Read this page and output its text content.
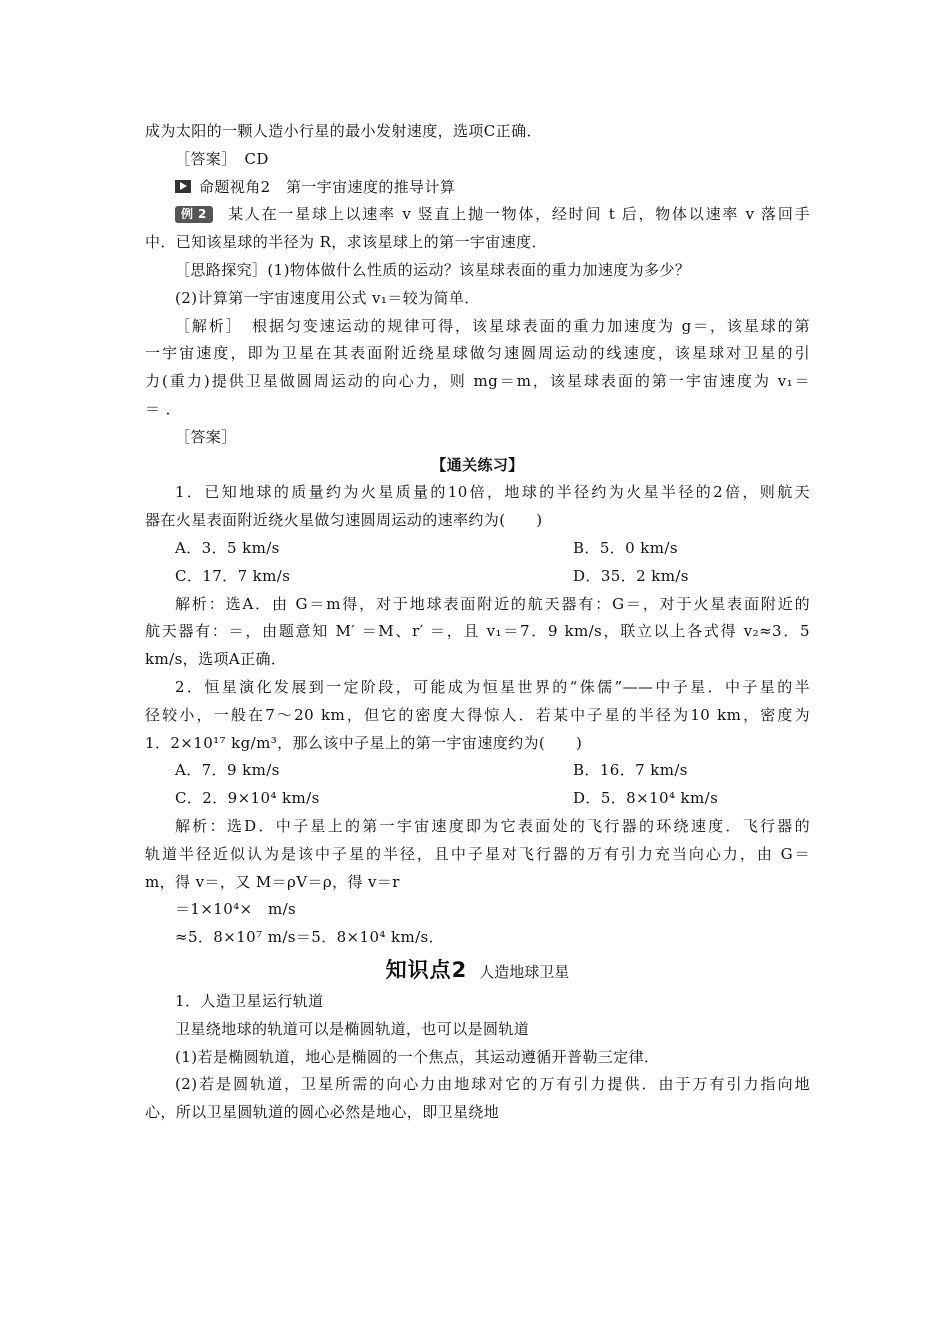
成为太阳的一颗人造小行星的最小发射速度，选项C正确．
［答案］　CD
命题视角2　第一宇宙速度的推导计算
例 2 某人在一星球上以速率 v 竖直上抛一物体，经时间 t 后，物体以速率 v 落回手
中．已知该星球的半径为 R，求该星球上的第一宇宙速度．
［思路探究］(1)物体做什么性质的运动？该星球表面的重力加速度为多少？
(2)计算第一宇宙速度用公式 v₁＝较为简单．
［解析］　根据匀变速运动的规律可得，该星球表面的重力加速度为 g＝，该星球的第
一宇宙速度，即为卫星在其表面附近绕星球做匀速圆周运动的线速度，该星球对卫星的引
力(重力)提供卫星做圆周运动的向心力，则 mg＝m，该星球表面的第一宇宙速度为 v₁＝
＝ ．
［答案］
【通关练习】
1．已知地球的质量约为火星质量的10倍，地球的半径约为火星半径的2倍，则航天
器在火星表面附近绕火星做匀速圆周运动的速率约为(　　)
A．3．5 km/s	B．5．0 km/s
C．17．7 km/s	D．35．2 km/s
解析：选A．由 G＝m得，对于地球表面附近的航天器有：G＝，对于火星表面附近的
航天器有：＝，由题意知 M′ ＝M、r′ ＝，且 v₁＝7．9 km/s，联立以上各式得 v₂≈3．5
km/s，选项A正确．
2．恒星演化发展到一定阶段，可能成为恒星世界的“侏儒”——中子星．中子星的半
径较小，一般在7～20 km，但它的密度大得惊人．若某中子星的半径为10 km，密度为
1．2×10¹⁷ kg/m³，那么该中子星上的第一宇宙速度约为(　　)
A．7．9 km/s	B．16．7 km/s
C．2．9×10⁴ km/s	D．5．8×10⁴ km/s
解析：选D．中子星上的第一宇宙速度即为它表面处的飞行器的环绕速度．飞行器的
轨道半径近似认为是该中子星的半径，且中子星对飞行器的万有引力充当向心力，由 G＝
m，得 v＝，又 M＝ρV＝ρ，得 v＝r
＝1×10⁴×　m/s
≈5．8×10⁷ m/s＝5．8×10⁴ km/s．
知识点2 人造地球卫星
1．人造卫星运行轨道
卫星绕地球的轨道可以是椭圆轨道，也可以是圆轨道
(1)若是椭圆轨道，地心是椭圆的一个焦点，其运动遵循开普勒三定律．
(2)若是圆轨道，卫星所需的向心力由地球对它的万有引力提供．由于万有引力指向地
心，所以卫星圆轨道的圆心必然是地心，即卫星绕地
